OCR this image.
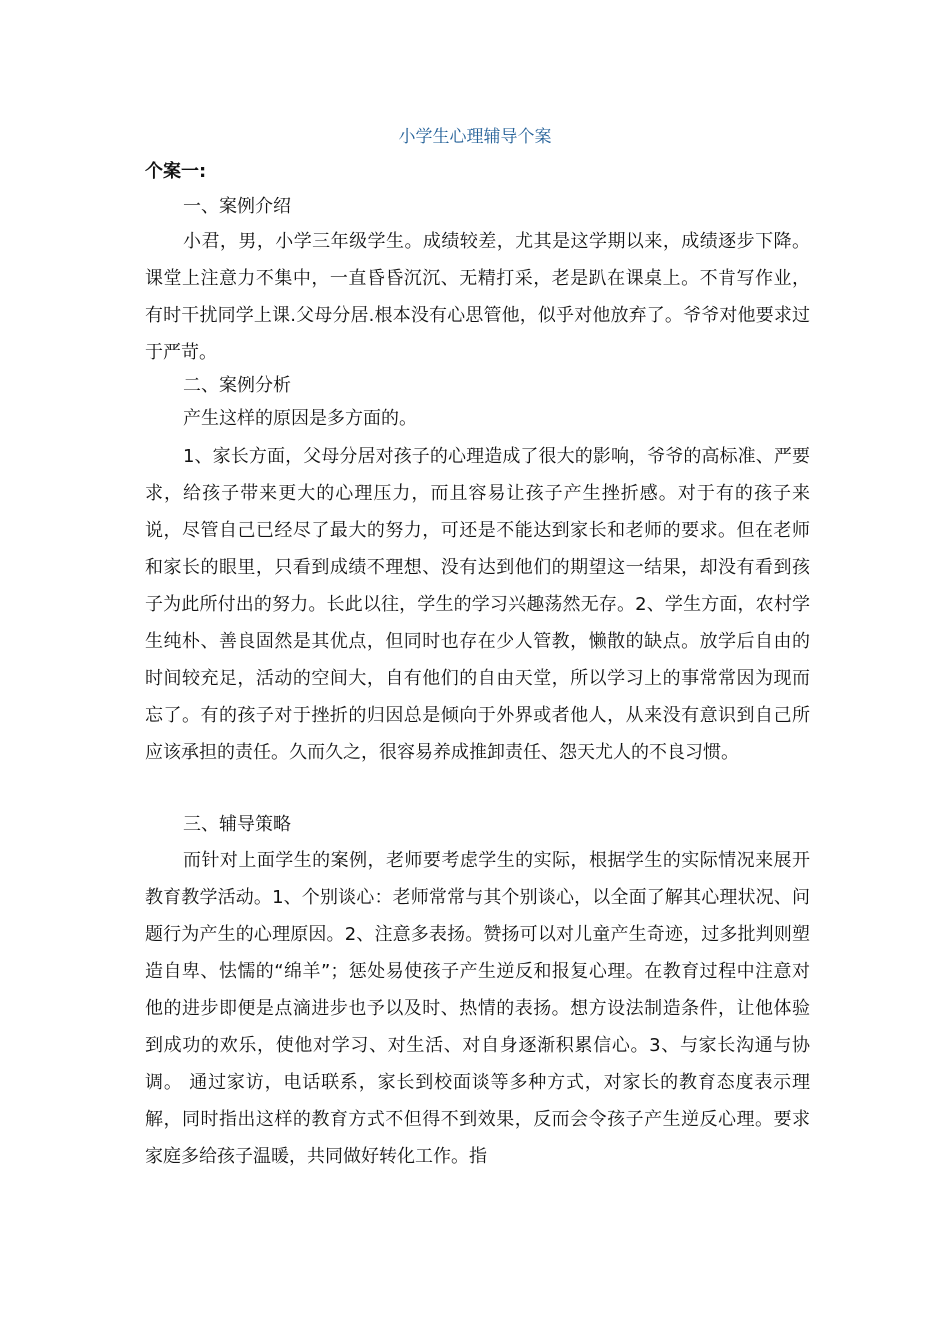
小学生心理辅导个案
个案一:
一、案例介绍
小君，男，小学三年级学生。成绩较差，尤其是这学期以来，成绩逐步下降。课堂上注意力不集中，一直昏昏沉沉、无精打采，老是趴在课桌上。不肯写作业，有时干扰同学上课.父母分居.根本没有心思管他，似乎对他放弃了。爷爷对他要求过于严苛。
二、案例分析
产生这样的原因是多方面的。
1、家长方面，父母分居对孩子的心理造成了很大的影响，爷爷的高标准、严要求，给孩子带来更大的心理压力，而且容易让孩子产生挫折感。对于有的孩子来说，尽管自己已经尽了最大的努力，可还是不能达到家长和老师的要求。但在老师和家长的眼里，只看到成绩不理想、没有达到他们的期望这一结果，却没有看到孩子为此所付出的努力。长此以往，学生的学习兴趣荡然无存。2、学生方面，农村学生纯朴、善良固然是其优点，但同时也存在少人管教，懒散的缺点。放学后自由的时间较充足，活动的空间大，自有他们的自由天堂，所以学习上的事常常因为现而忘了。有的孩子对于挫折的归因总是倾向于外界或者他人，从来没有意识到自己所应该承担的责任。久而久之，很容易养成推卸责任、怨天尤人的不良习惯。
三、辅导策略
而针对上面学生的案例，老师要考虑学生的实际，根据学生的实际情况来展开教育教学活动。1、个别谈心：老师常常与其个别谈心，以全面了解其心理状况、问题行为产生的心理原因。2、注意多表扬。赞扬可以对儿童产生奇迹，过多批判则塑造自卑、怯懦的“绵羊”；惩处易使孩子产生逆反和报复心理。在教育过程中注意对他的进步即便是点滴进步也予以及时、热情的表扬。想方设法制造条件，让他体验到成功的欢乐，使他对学习、对生活、对自身逐渐积累信心。3、与家长沟通与协调。 通过家访，电话联系，家长到校面谈等多种方式，对家长的教育态度表示理解，同时指出这样的教育方式不但得不到效果，反而会令孩子产生逆反心理。要求家庭多给孩子温暖，共同做好转化工作。指
